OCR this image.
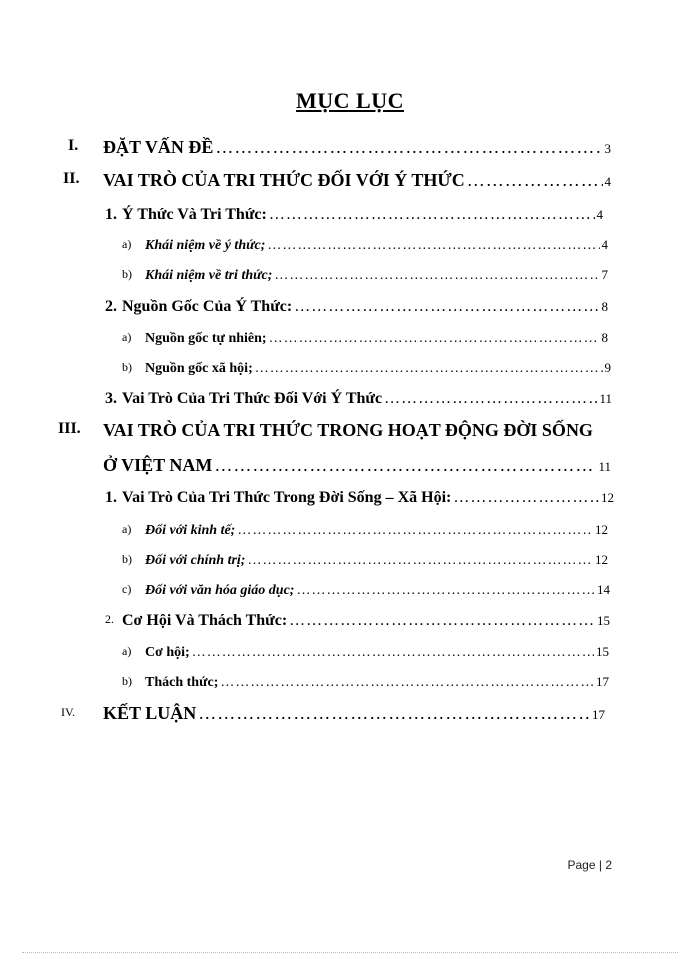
MỤC LỤC
I. ĐẶT VẤN ĐỀ …………………………………………………………………………………………………………………………………………………………………………	3
II. VAI TRÒ CỦA TRI THỨC ĐỐI VỚI Ý THỨC …………………………………………………………………………………………………………………………………………………………………………	4
1. Ý Thức Và Tri Thức: …………………………………………………………………………………………………………………………………………………………………………	4
a) Khái niệm về ý thức; …………………………………………………………………………………………………………………………………………………………………………	4
b) Khái niệm về tri thức; …………………………………………………………………………………………………………………………………………………………………………	7
2. Nguồn Gốc Của Ý Thức: …………………………………………………………………………………………………………………………………………………………………………	8
a) Nguồn gốc tự nhiên; …………………………………………………………………………………………………………………………………………………………………………	8
b) Nguồn gốc xã hội; …………………………………………………………………………………………………………………………………………………………………………	9
3. Vai Trò Của Tri Thức Đối Với Ý Thức …………………………………………………………………………………………………………………………………………………………………………	11
III. VAI TRÒ CỦA TRI THỨC TRONG HOẠT ĐỘNG ĐỜI SỐNG
Ở VIỆT NAM …………………………………………………………………………………………………………………………………………………………………………	11
1. Vai Trò Của Tri Thức Trong Đời Sống – Xã Hội: …………………………………………………………………………………………………………………………………………………………………………	12
a) Đối với kinh tế; …………………………………………………………………………………………………………………………………………………………………………	12
b) Đối với chính trị; …………………………………………………………………………………………………………………………………………………………………………	12
c) Đối với văn hóa giáo dục; …………………………………………………………………………………………………………………………………………………………………………	14
2. Cơ Hội Và Thách Thức: …………………………………………………………………………………………………………………………………………………………………………	15
a) Cơ hội; …………………………………………………………………………………………………………………………………………………………………………	15
b) Thách thức; …………………………………………………………………………………………………………………………………………………………………………	17
IV. KẾT LUẬN …………………………………………………………………………………………………………………………………………………………………………	17
Page | 2
